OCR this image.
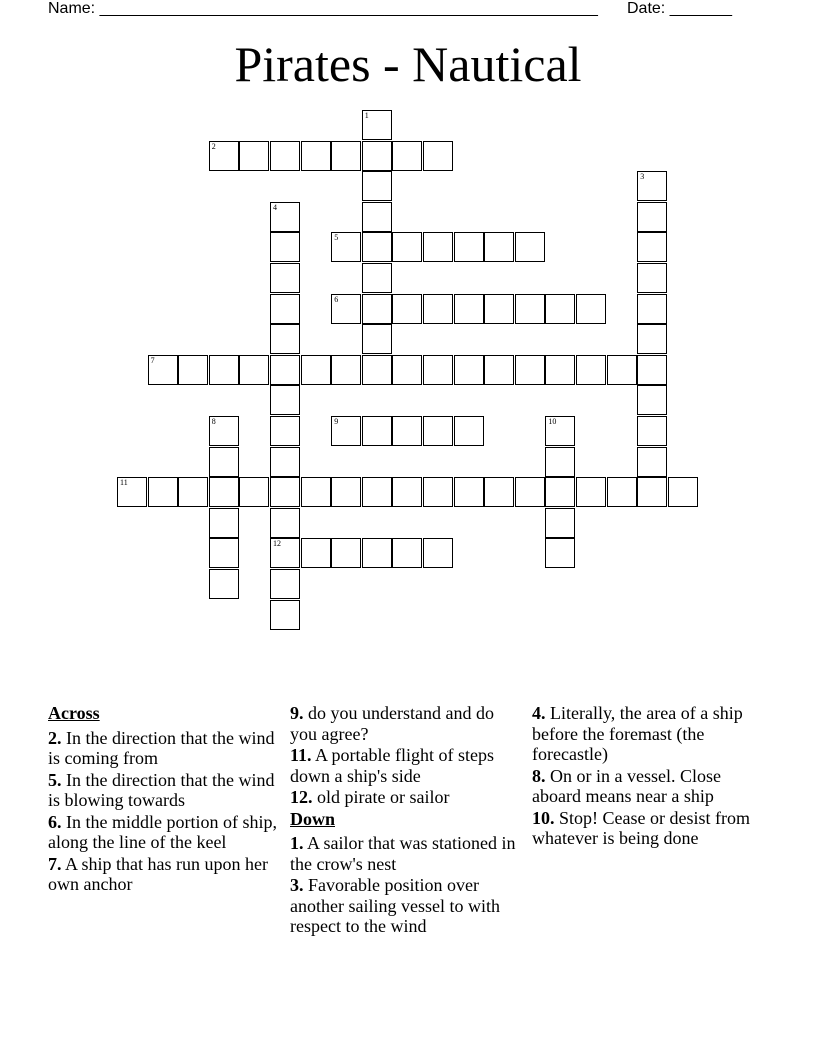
Name: ________________________________________________________ Date: _______
Pirates - Nautical
1
2
3
4
12
5
6
7
8	9	10
11
Across
2. In the direction that the wind is coming from
5. In the direction that the wind is blowing towards
6. In the middle portion of ship, along the line of the keel
7. A ship that has run upon her own anchor
9. do you understand and do you agree?
11. A portable flight of steps down a ship's side
12. old pirate or sailor
Down
1. A sailor that was stationed in the crow's nest
3. Favorable position over another sailing vessel to with respect to the wind
4. Literally, the area of a ship before the foremast (the forecastle)
8. On or in a vessel. Close aboard means near a ship
10. Stop! Cease or desist from whatever is being done
